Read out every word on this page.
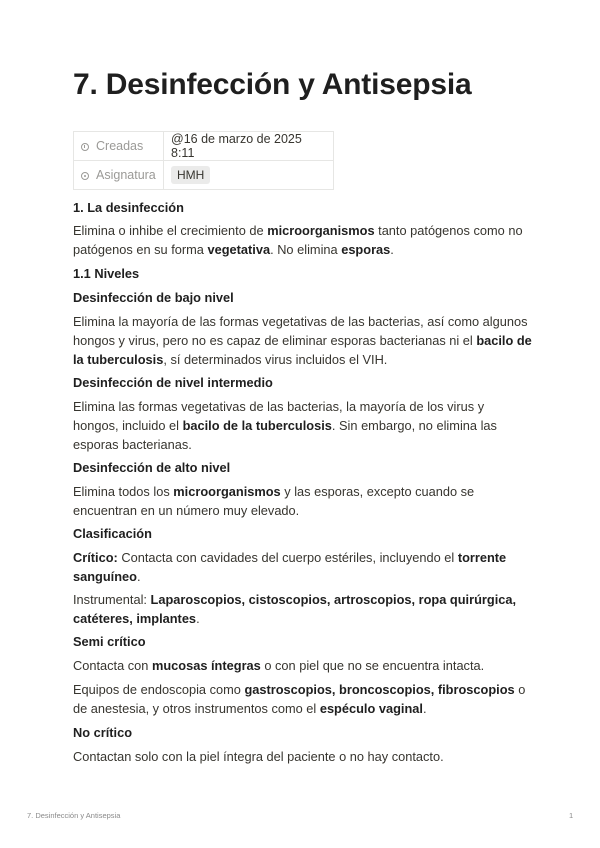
7. Desinfección y Antisepsia
Creadas	@16 de marzo de 2025 8:11
Asignatura	HMH

1. La desinfección

Elimina o inhibe el crecimiento de microorganismos tanto patógenos como no patógenos en su forma vegetativa. No elimina esporas.

1.1 Niveles

Desinfección de bajo nivel

Elimina la mayoría de las formas vegetativas de las bacterias, así como algunos hongos y virus, pero no es capaz de eliminar esporas bacterianas ni el bacilo de la tuberculosis, sí determinados virus incluidos el VIH.

Desinfección de nivel intermedio

Elimina las formas vegetativas de las bacterias, la mayoría de los virus y hongos, incluido el bacilo de la tuberculosis. Sin embargo, no elimina las esporas bacterianas.

Desinfección de alto nivel

Elimina todos los microorganismos y las esporas, excepto cuando se encuentran en un número muy elevado.

Clasificación

Crítico: Contacta con cavidades del cuerpo estériles, incluyendo el torrente sanguíneo.

Instrumental: Laparoscopios, cistoscopios, artroscopios, ropa quirúrgica, catéteres, implantes.

Semi crítico

Contacta con mucosas íntegras o con piel que no se encuentra intacta.

Equipos de endoscopia como gastroscopios, broncoscopios, fibroscopios o de anestesia, y otros instrumentos como el espéculo vaginal.

No crítico

Contactan solo con la piel íntegra del paciente o no hay contacto.

7. Desinfección y Antisepsia	1
